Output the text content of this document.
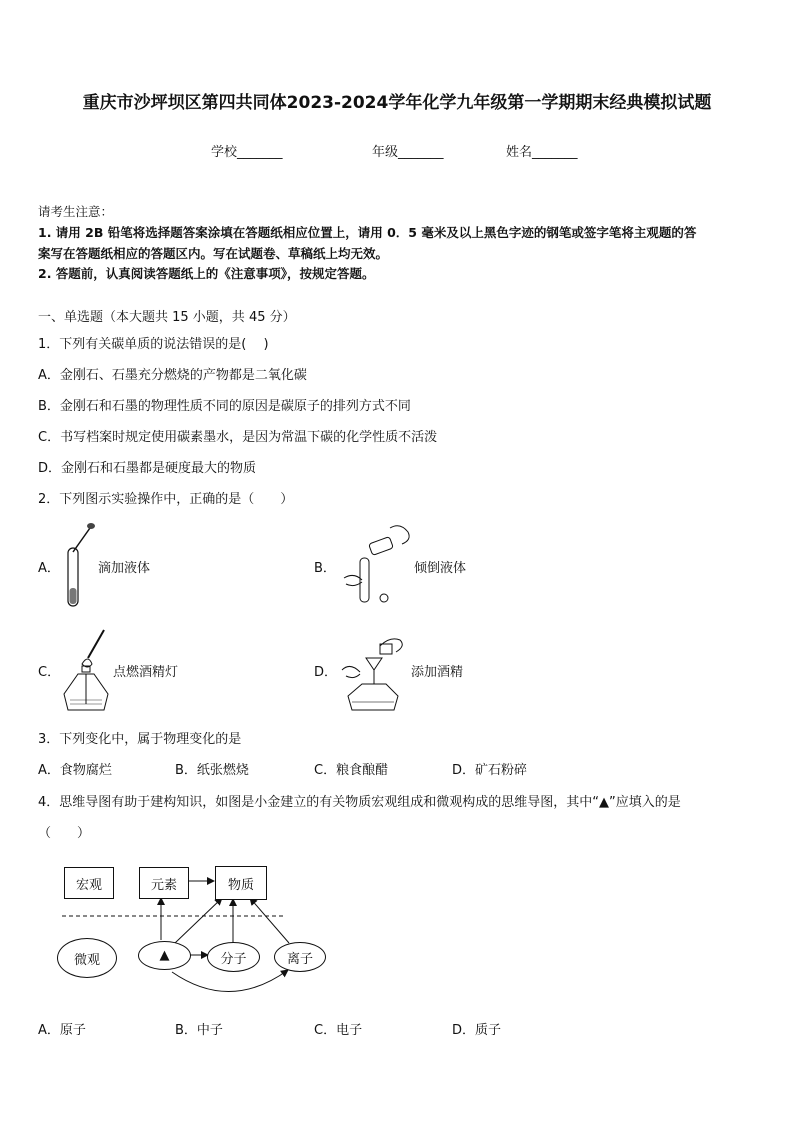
重庆市沙坪坝区第四共同体2023-2024学年化学九年级第一学期期末经典模拟试题
学校_______	年级_______	姓名_______
请考生注意：
1. 请用 2B 铅笔将选择题答案涂填在答题纸相应位置上，请用 0．5 毫米及以上黑色字迹的钢笔或签字笔将主观题的答
案写在答题纸相应的答题区内。写在试题卷、草稿纸上均无效。
2. 答题前，认真阅读答题纸上的《注意事项》，按规定答题。
一、单选题（本大题共 15 小题，共 45 分）
1．下列有关碳单质的说法错误的是(　 )
A．金刚石、石墨充分燃烧的产物都是二氧化碳
B．金刚石和石墨的物理性质不同的原因是碳原子的排列方式不同
C．书写档案时规定使用碳素墨水，是因为常温下碳的化学性质不活泼
D．金刚石和石墨都是硬度最大的物质
2．下列图示实验操作中，正确的是（　　）
A．	滴加液体	B．	倾倒液体
C．	点燃酒精灯	D．	添加酒精
3．下列变化中，属于物理变化的是
A．食物腐烂	B．纸张燃烧	C．粮食酿醋	D．矿石粉碎
4．思维导图有助于建构知识，如图是小金建立的有关物质宏观组成和微观构成的思维导图，其中“▲”应填入的是
（　　）
宏观	元素	物质
微观	▲	分子	离子
A．原子	B．中子	C．电子	D．质子
